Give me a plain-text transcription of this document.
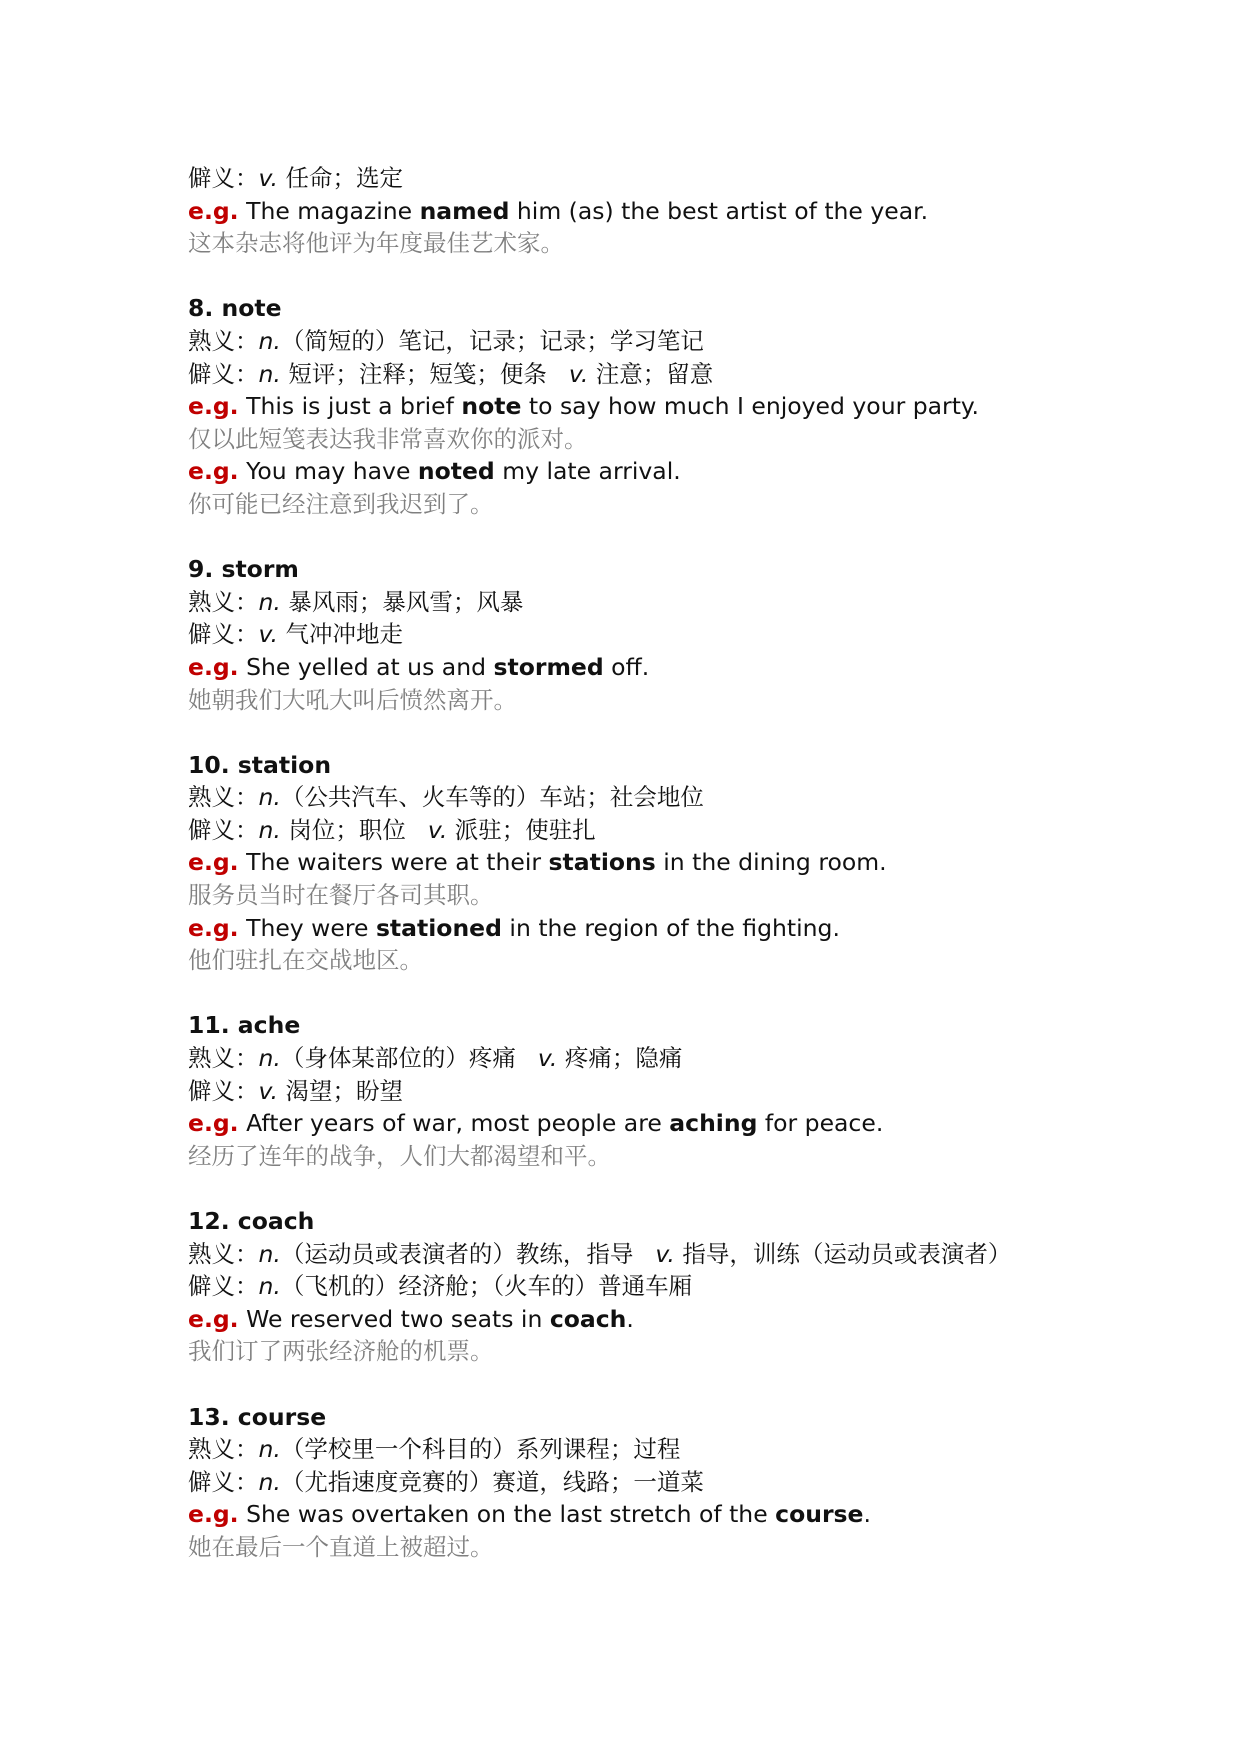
僻义：v. 任命；选定
e.g. The magazine named him (as) the best artist of the year.
这本杂志将他评为年度最佳艺术家。
8. note
熟义：n.（简短的）笔记，记录；记录；学习笔记
僻义：n. 短评；注释；短笺；便条 v. 注意；留意
e.g. This is just a brief note to say how much I enjoyed your party.
仅以此短笺表达我非常喜欢你的派对。
e.g. You may have noted my late arrival.
你可能已经注意到我迟到了。
9. storm
熟义：n. 暴风雨；暴风雪；风暴
僻义：v. 气冲冲地走
e.g. She yelled at us and stormed off.
她朝我们大吼大叫后愤然离开。
10. station
熟义：n.（公共汽车、火车等的）车站；社会地位
僻义：n. 岗位；职位 v. 派驻；使驻扎
e.g. The waiters were at their stations in the dining room.
服务员当时在餐厅各司其职。
e.g. They were stationed in the region of the fighting.
他们驻扎在交战地区。
11. ache
熟义：n.（身体某部位的）疼痛 v. 疼痛；隐痛
僻义：v. 渴望；盼望
e.g. After years of war, most people are aching for peace.
经历了连年的战争，人们大都渴望和平。
12. coach
熟义：n.（运动员或表演者的）教练，指导 v. 指导，训练（运动员或表演者）
僻义：n.（飞机的）经济舱；（火车的）普通车厢
e.g. We reserved two seats in coach.
我们订了两张经济舱的机票。
13. course
熟义：n.（学校里一个科目的）系列课程；过程
僻义：n.（尤指速度竞赛的）赛道，线路；一道菜
e.g. She was overtaken on the last stretch of the course.
她在最后一个直道上被超过。
